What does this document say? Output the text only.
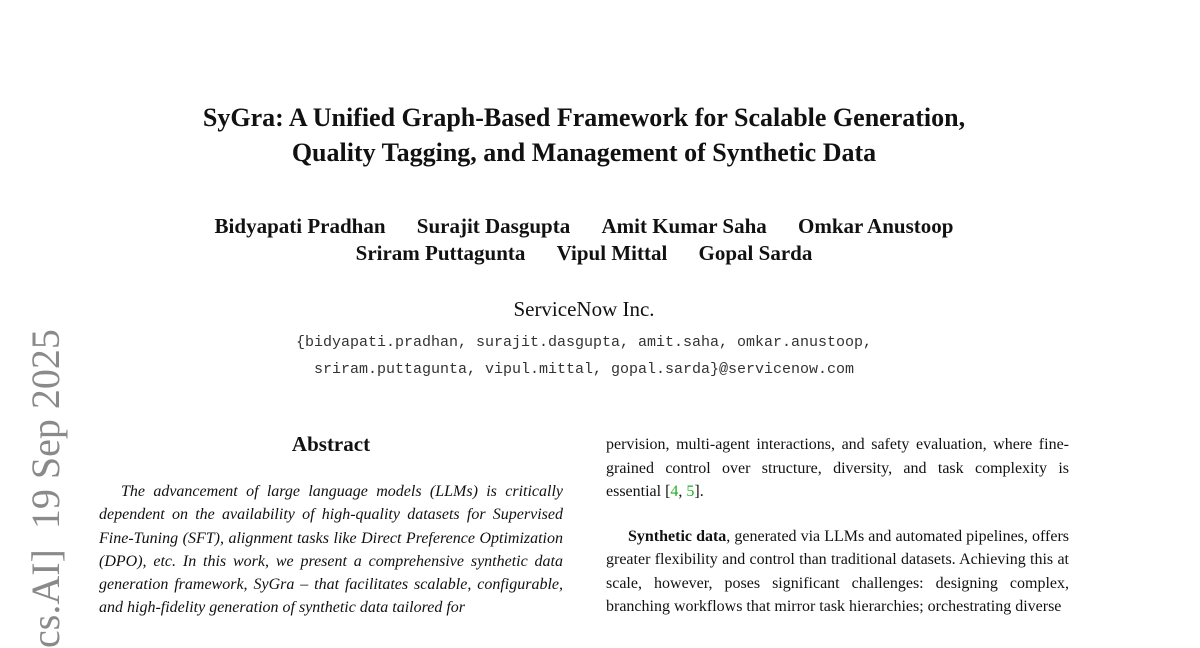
cs.AI]19 Sep 2025
SyGra: A Unified Graph-Based Framework for Scalable Generation,
Quality Tagging, and Management of Synthetic Data
Bidyapati Pradhan Surajit Dasgupta Amit Kumar Saha Omkar Anustoop
Sriram Puttagunta Vipul Mittal Gopal Sarda
ServiceNow Inc.
{bidyapati.pradhan, surajit.dasgupta, amit.saha, omkar.anustoop,
sriram.puttagunta, vipul.mittal, gopal.sarda}@servicenow.com
Abstract

The advancement of large language models (LLMs) is critically dependent on the availability of high-quality datasets for Supervised Fine-Tuning (SFT), alignment tasks like Direct Preference Optimization (DPO), etc. In this work, we present a comprehensive synthetic data generation framework, SyGra – that facilitates scalable, configurable, and high-fidelity generation of synthetic data tailored for

pervision, multi-agent interactions, and safety evaluation, where fine-grained control over structure, diversity, and task complexity is essential [4, 5].

Synthetic data, generated via LLMs and automated pipelines, offers greater flexibility and control than traditional datasets. Achieving this at scale, however, poses significant challenges: designing complex, branching workflows that mirror task hierarchies; orchestrating diverse
